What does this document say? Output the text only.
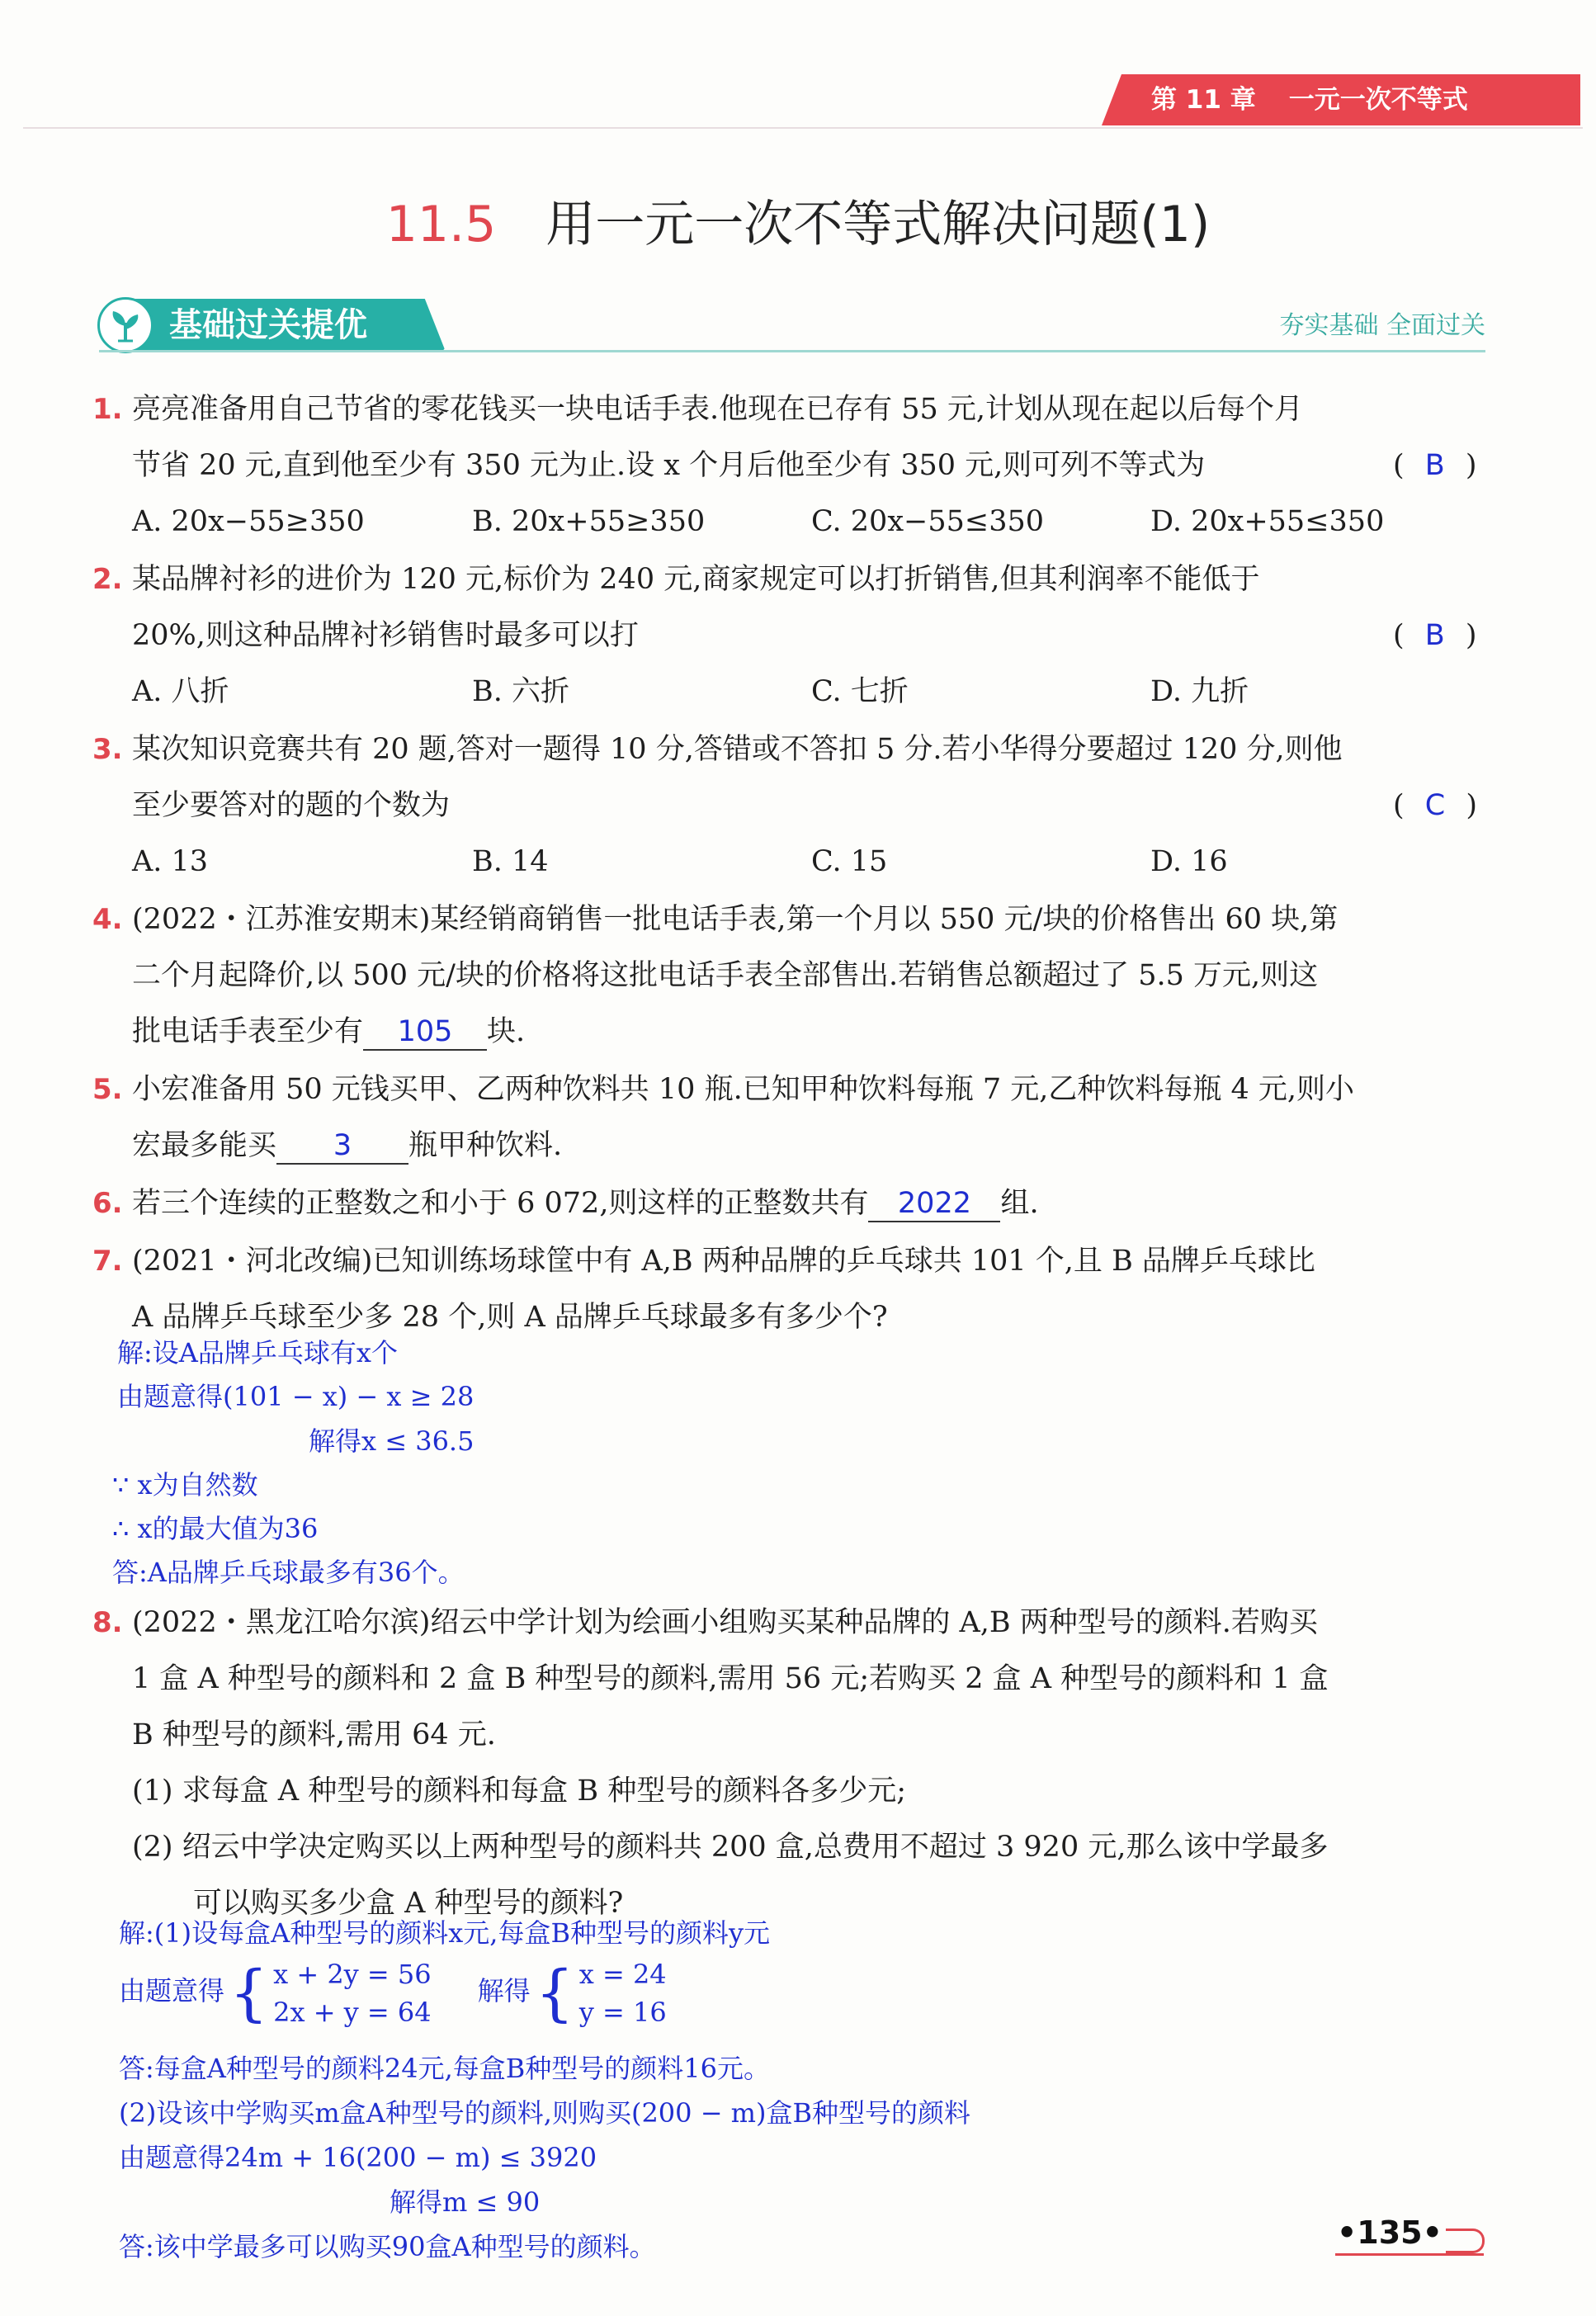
第 11 章 一元一次不等式
11.5 用一元一次不等式解决问题(1)
基础过关提优	夯实基础 全面过关
1. 亮亮准备用自己节省的零花钱买一块电话手表.他现在已存有 55 元,计划从现在起以后每个月
节省 20 元,直到他至少有 350 元为止.设 x 个月后他至少有 350 元,则可列不等式为	( B )
A. 20x−55≥350	B. 20x+55≥350	C. 20x−55≤350	D. 20x+55≤350
2. 某品牌衬衫的进价为 120 元,标价为 240 元,商家规定可以打折销售,但其利润率不能低于
20%,则这种品牌衬衫销售时最多可以打	( B )
A. 八折	B. 六折	C. 七折	D. 九折
3. 某次知识竞赛共有 20 题,答对一题得 10 分,答错或不答扣 5 分.若小华得分要超过 120 分,则他
至少要答对的题的个数为	( C )
A. 13	B. 14	C. 15	D. 16
4. (2022・江苏淮安期末)某经销商销售一批电话手表,第一个月以 550 元/块的价格售出 60 块,第
二个月起降价,以 500 元/块的价格将这批电话手表全部售出.若销售总额超过了 5.5 万元,则这
批电话手表至少有 105 块.
5. 小宏准备用 50 元钱买甲、乙两种饮料共 10 瓶.已知甲种饮料每瓶 7 元,乙种饮料每瓶 4 元,则小
宏最多能买 3 瓶甲种饮料.
6. 若三个连续的正整数之和小于 6 072,则这样的正整数共有 2022 组.
7. (2021・河北改编)已知训练场球筐中有 A,B 两种品牌的乒乓球共 101 个,且 B 品牌乒乓球比
A 品牌乒乓球至少多 28 个,则 A 品牌乒乓球最多有多少个?
解:设A品牌乒乓球有x个
由题意得(101 − x) − x ≥ 28
解得x ≤ 36.5
∵ x为自然数
∴ x的最大值为36
答:A品牌乒乓球最多有36个。
8. (2022・黑龙江哈尔滨)绍云中学计划为绘画小组购买某种品牌的 A,B 两种型号的颜料.若购买
1 盒 A 种型号的颜料和 2 盒 B 种型号的颜料,需用 56 元;若购买 2 盒 A 种型号的颜料和 1 盒
B 种型号的颜料,需用 64 元.
(1) 求每盒 A 种型号的颜料和每盒 B 种型号的颜料各多少元;
(2) 绍云中学决定购买以上两种型号的颜料共 200 盒,总费用不超过 3 920 元,那么该中学最多
可以购买多少盒 A 种型号的颜料?
解:(1)设每盒A种型号的颜料x元,每盒B种型号的颜料y元
由题意得{ x + 2y = 56
2x + y = 64
解得{ x = 24
y = 16
答:每盒A种型号的颜料24元,每盒B种型号的颜料16元。
(2)设该中学购买m盒A种型号的颜料,则购买(200 − m)盒B种型号的颜料
由题意得24m + 16(200 − m) ≤ 3920
解得m ≤ 90
答:该中学最多可以购买90盒A种型号的颜料。	•135•
